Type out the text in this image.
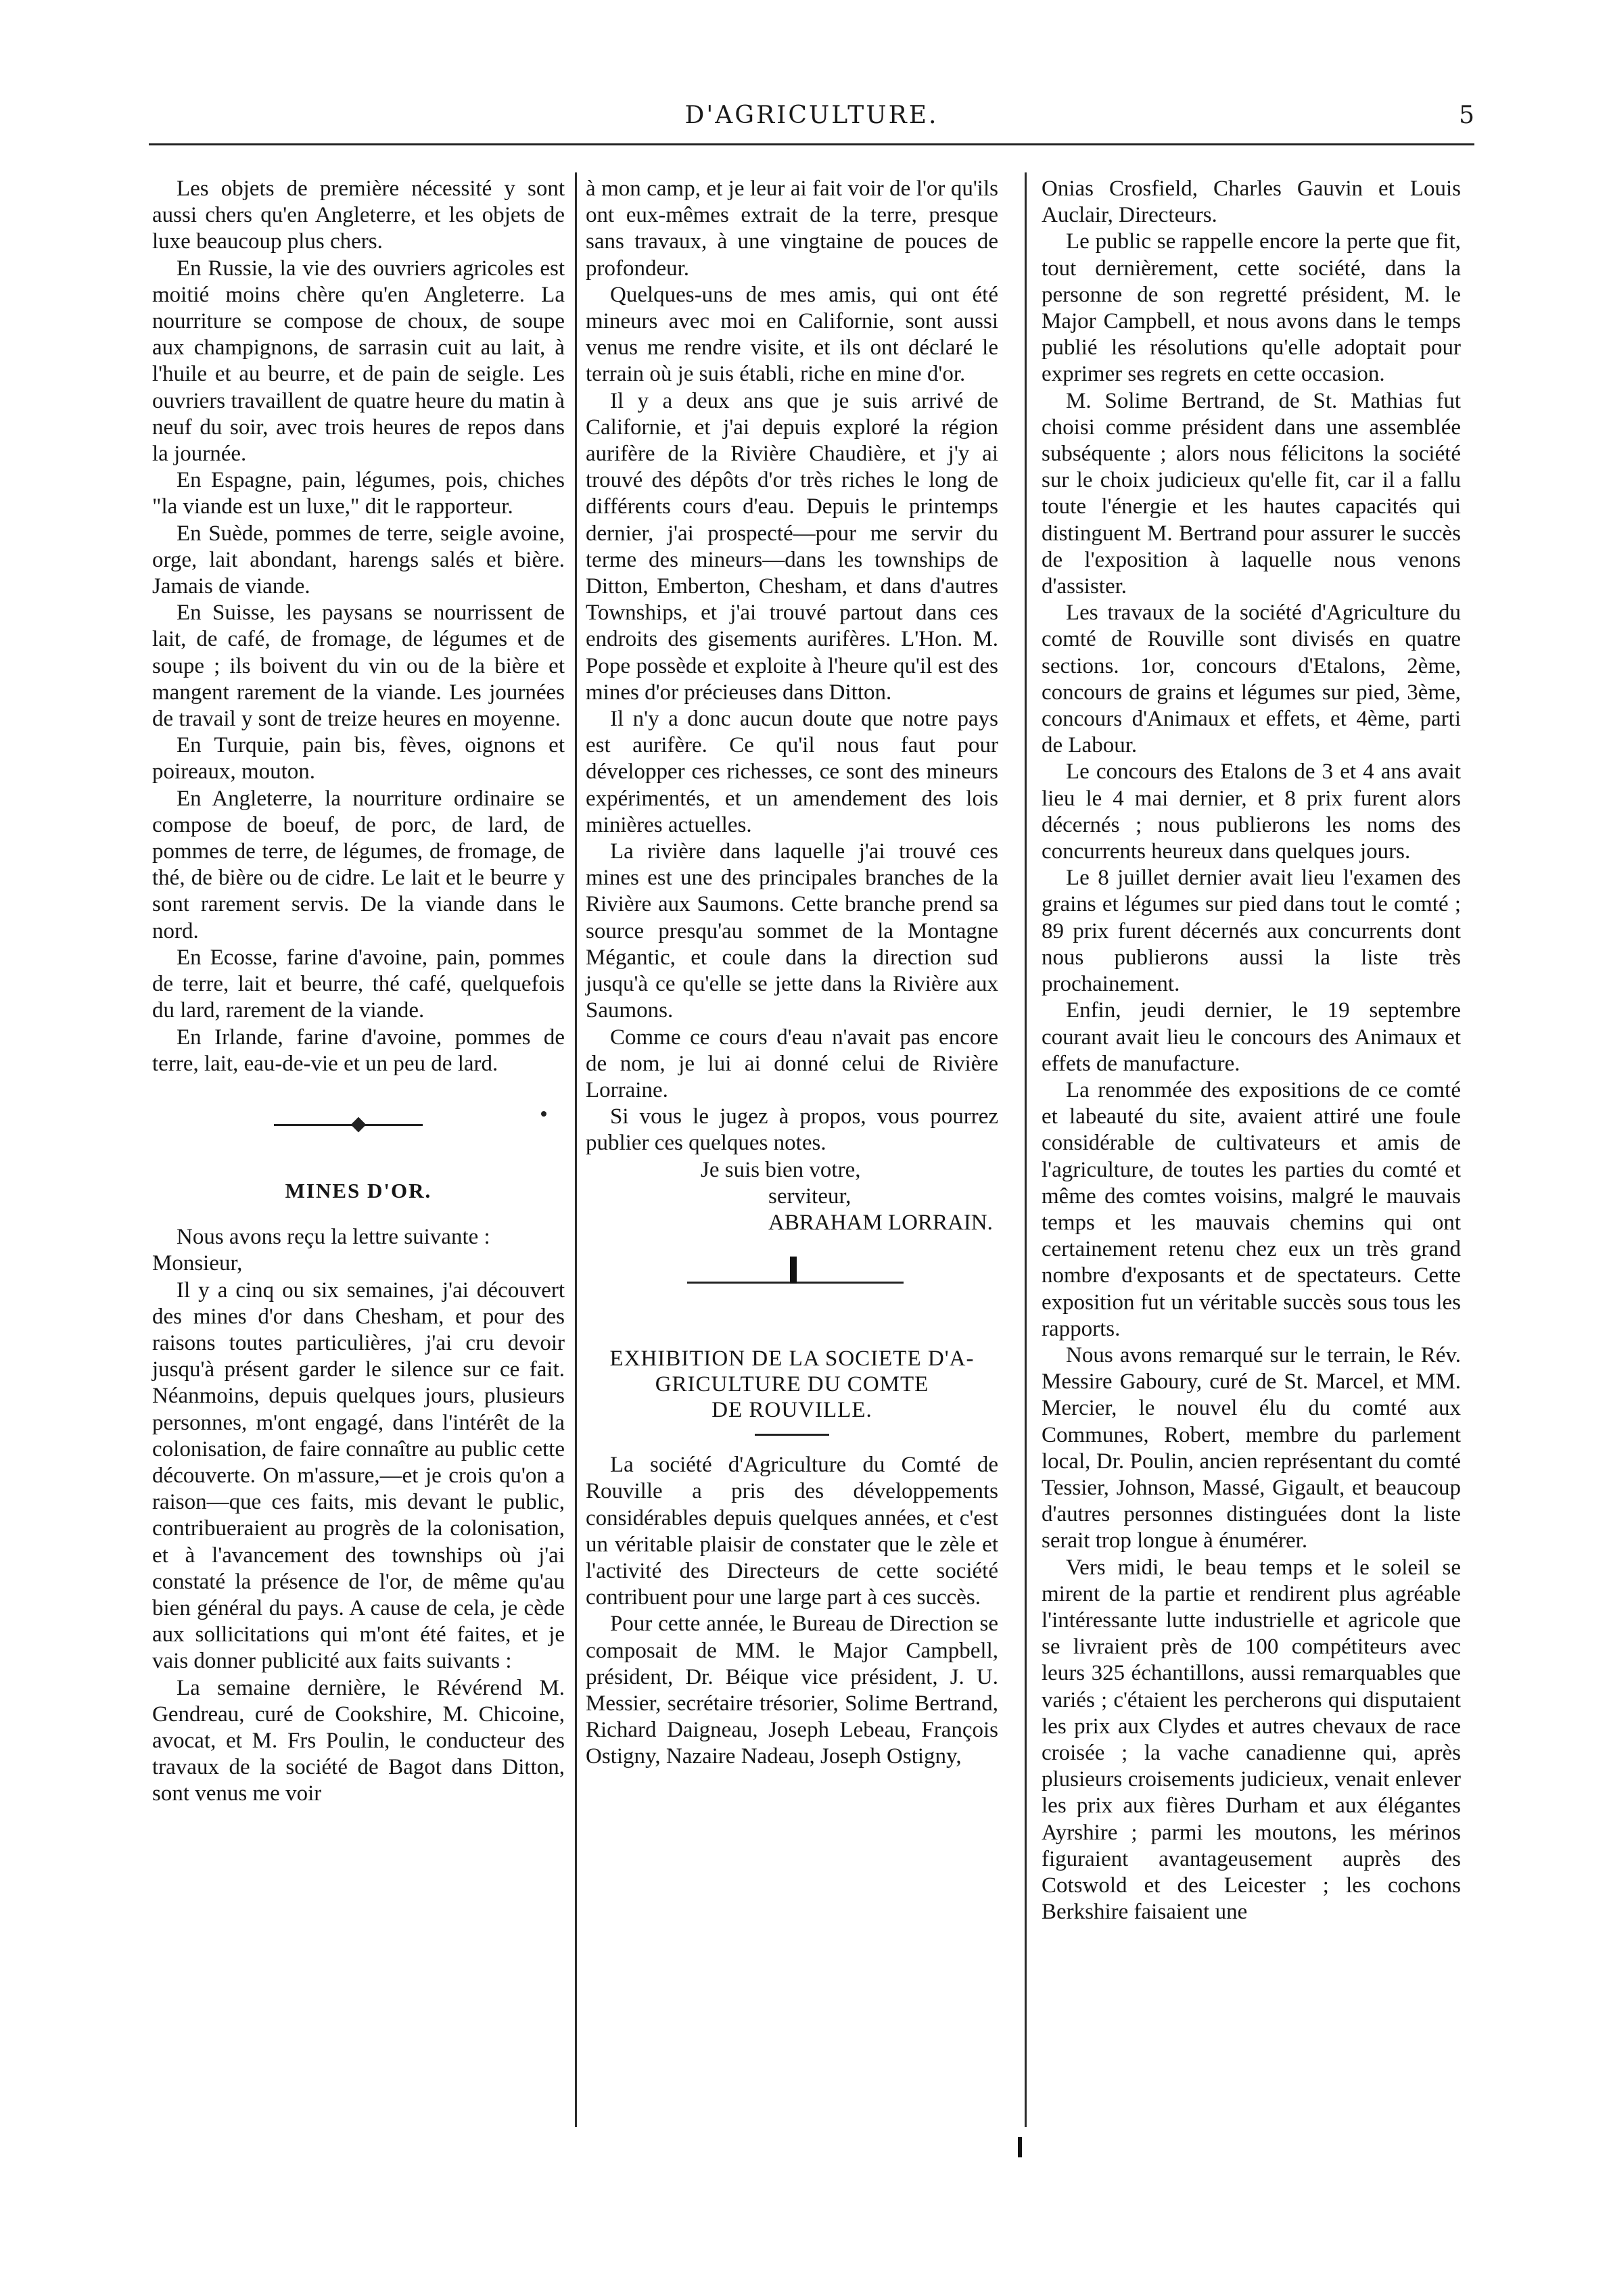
D'AGRICULTURE.	5

Les objets de première nécessité y sont aussi chers qu'en Angleterre, et les objets de luxe beaucoup plus chers.

En Russie, la vie des ouvriers agricoles est moitié moins chère qu'en Angleterre. La nourriture se compose de choux, de soupe aux champignons, de sarrasin cuit au lait, à l'huile et au beurre, et de pain de seigle. Les ouvriers travaillent de quatre heure du matin à neuf du soir, avec trois heures de repos dans la journée.

En Espagne, pain, légumes, pois, chiches "la viande est un luxe," dit le rapporteur.

En Suède, pommes de terre, seigle avoine, orge, lait abondant, harengs salés et bière. Jamais de viande.

En Suisse, les paysans se nourrissent de lait, de café, de fromage, de légumes et de soupe ; ils boivent du vin ou de la bière et mangent rarement de la viande. Les journées de travail y sont de treize heures en moyenne.

En Turquie, pain bis, fèves, oignons et poireaux, mouton.

En Angleterre, la nourriture ordinaire se compose de boeuf, de porc, de lard, de pommes de terre, de légumes, de fromage, de thé, de bière ou de cidre. Le lait et le beurre y sont rarement servis. De la viande dans le nord.

En Ecosse, farine d'avoine, pain, pommes de terre, lait et beurre, thé café, quelquefois du lard, rarement de la viande.

En Irlande, farine d'avoine, pommes de terre, lait, eau-de-vie et un peu de lard.

MINES D'OR.

Nous avons reçu la lettre suivante :

Monsieur,

Il y a cinq ou six semaines, j'ai découvert des mines d'or dans Chesham, et pour des raisons toutes particulières, j'ai cru devoir jusqu'à présent garder le silence sur ce fait. Néanmoins, depuis quelques jours, plusieurs personnes, m'ont engagé, dans l'intérêt de la colonisation, de faire connaître au public cette découverte. On m'assure,—et je crois qu'on a raison—que ces faits, mis devant le public, contribueraient au progrès de la colonisation, et à l'avancement des townships où j'ai constaté la présence de l'or, de même qu'au bien général du pays. A cause de cela, je cède aux sollicitations qui m'ont été faites, et je vais donner publicité aux faits suivants :

La semaine dernière, le Révérend M. Gendreau, curé de Cookshire, M. Chicoine, avocat, et M. Frs Poulin, le conducteur des travaux de la société de Bagot dans Ditton, sont venus me voir

à mon camp, et je leur ai fait voir de l'or qu'ils ont eux-mêmes extrait de la terre, presque sans travaux, à une vingtaine de pouces de profondeur.

Quelques-uns de mes amis, qui ont été mineurs avec moi en Californie, sont aussi venus me rendre visite, et ils ont déclaré le terrain où je suis établi, riche en mine d'or.

Il y a deux ans que je suis arrivé de Californie, et j'ai depuis exploré la région aurifère de la Rivière Chaudière, et j'y ai trouvé des dépôts d'or très riches le long de différents cours d'eau. Depuis le printemps dernier, j'ai prospecté—pour me servir du terme des mineurs—dans les townships de Ditton, Emberton, Chesham, et dans d'autres Townships, et j'ai trouvé partout dans ces endroits des gisements aurifères. L'Hon. M. Pope possède et exploite à l'heure qu'il est des mines d'or précieuses dans Ditton.

Il n'y a donc aucun doute que notre pays est aurifère. Ce qu'il nous faut pour développer ces richesses, ce sont des mineurs expérimentés, et un amendement des lois minières actuelles.

La rivière dans laquelle j'ai trouvé ces mines est une des principales branches de la Rivière aux Saumons. Cette branche prend sa source presqu'au sommet de la Montagne Mégantic, et coule dans la direction sud jusqu'à ce qu'elle se jette dans la Rivière aux Saumons.

Comme ce cours d'eau n'avait pas encore de nom, je lui ai donné celui de Rivière Lorraine.

Si vous le jugez à propos, vous pourrez publier ces quelques notes.

Je suis bien votre,

serviteur,

ABRAHAM LORRAIN.

EXHIBITION DE LA SOCIETE D'A-
GRICULTURE DU COMTE
DE ROUVILLE.

La société d'Agriculture du Comté de Rouville a pris des développements considérables depuis quelques années, et c'est un véritable plaisir de constater que le zèle et l'activité des Directeurs de cette société contribuent pour une large part à ces succès.

Pour cette année, le Bureau de Direction se composait de MM. le Major Campbell, président, Dr. Béique vice président, J. U. Messier, secrétaire trésorier, Solime Bertrand, Richard Daigneau, Joseph Lebeau, François Ostigny, Nazaire Nadeau, Joseph Ostigny,

Onias Crosfield, Charles Gauvin et Louis Auclair, Directeurs.

Le public se rappelle encore la perte que fit, tout dernièrement, cette société, dans la personne de son regretté président, M. le Major Campbell, et nous avons dans le temps publié les résolutions qu'elle adoptait pour exprimer ses regrets en cette occasion.

M. Solime Bertrand, de St. Mathias fut choisi comme président dans une assemblée subséquente ; alors nous félicitons la société sur le choix judicieux qu'elle fit, car il a fallu toute l'énergie et les hautes capacités qui distinguent M. Bertrand pour assurer le succès de l'exposition à laquelle nous venons d'assister.

Les travaux de la société d'Agriculture du comté de Rouville sont divisés en quatre sections. 1or, concours d'Etalons, 2ème, concours de grains et légumes sur pied, 3ème, concours d'Animaux et effets, et 4ème, parti de Labour.

Le concours des Etalons de 3 et 4 ans avait lieu le 4 mai dernier, et 8 prix furent alors décernés ; nous publierons les noms des concurrents heureux dans quelques jours.

Le 8 juillet dernier avait lieu l'examen des grains et légumes sur pied dans tout le comté ; 89 prix furent décernés aux concurrents dont nous publierons aussi la liste très prochainement.

Enfin, jeudi dernier, le 19 septembre courant avait lieu le concours des Animaux et effets de manufacture.

La renommée des expositions de ce comté et labeauté du site, avaient attiré une foule considérable de cultivateurs et amis de l'agriculture, de toutes les parties du comté et même des comtes voisins, malgré le mauvais temps et les mauvais chemins qui ont certainement retenu chez eux un très grand nombre d'exposants et de spectateurs. Cette exposition fut un véritable succès sous tous les rapports.

Nous avons remarqué sur le terrain, le Rév. Messire Gaboury, curé de St. Marcel, et MM. Mercier, le nouvel élu du comté aux Communes, Robert, membre du parlement local, Dr. Poulin, ancien représentant du comté Tessier, Johnson, Massé, Gigault, et beaucoup d'autres personnes distinguées dont la liste serait trop longue à énumérer.

Vers midi, le beau temps et le soleil se mirent de la partie et rendirent plus agréable l'intéressante lutte industrielle et agricole que se livraient près de 100 compétiteurs avec leurs 325 échantillons, aussi remarquables que variés ; c'étaient les percherons qui disputaient les prix aux Clydes et autres chevaux de race croisée ; la vache canadienne qui, après plusieurs croisements judicieux, venait enlever les prix aux fières Durham et aux élégantes Ayrshire ; parmi les moutons, les mérinos figuraient avantageusement auprès des Cotswold et des Leicester ; les cochons Berkshire faisaient une
